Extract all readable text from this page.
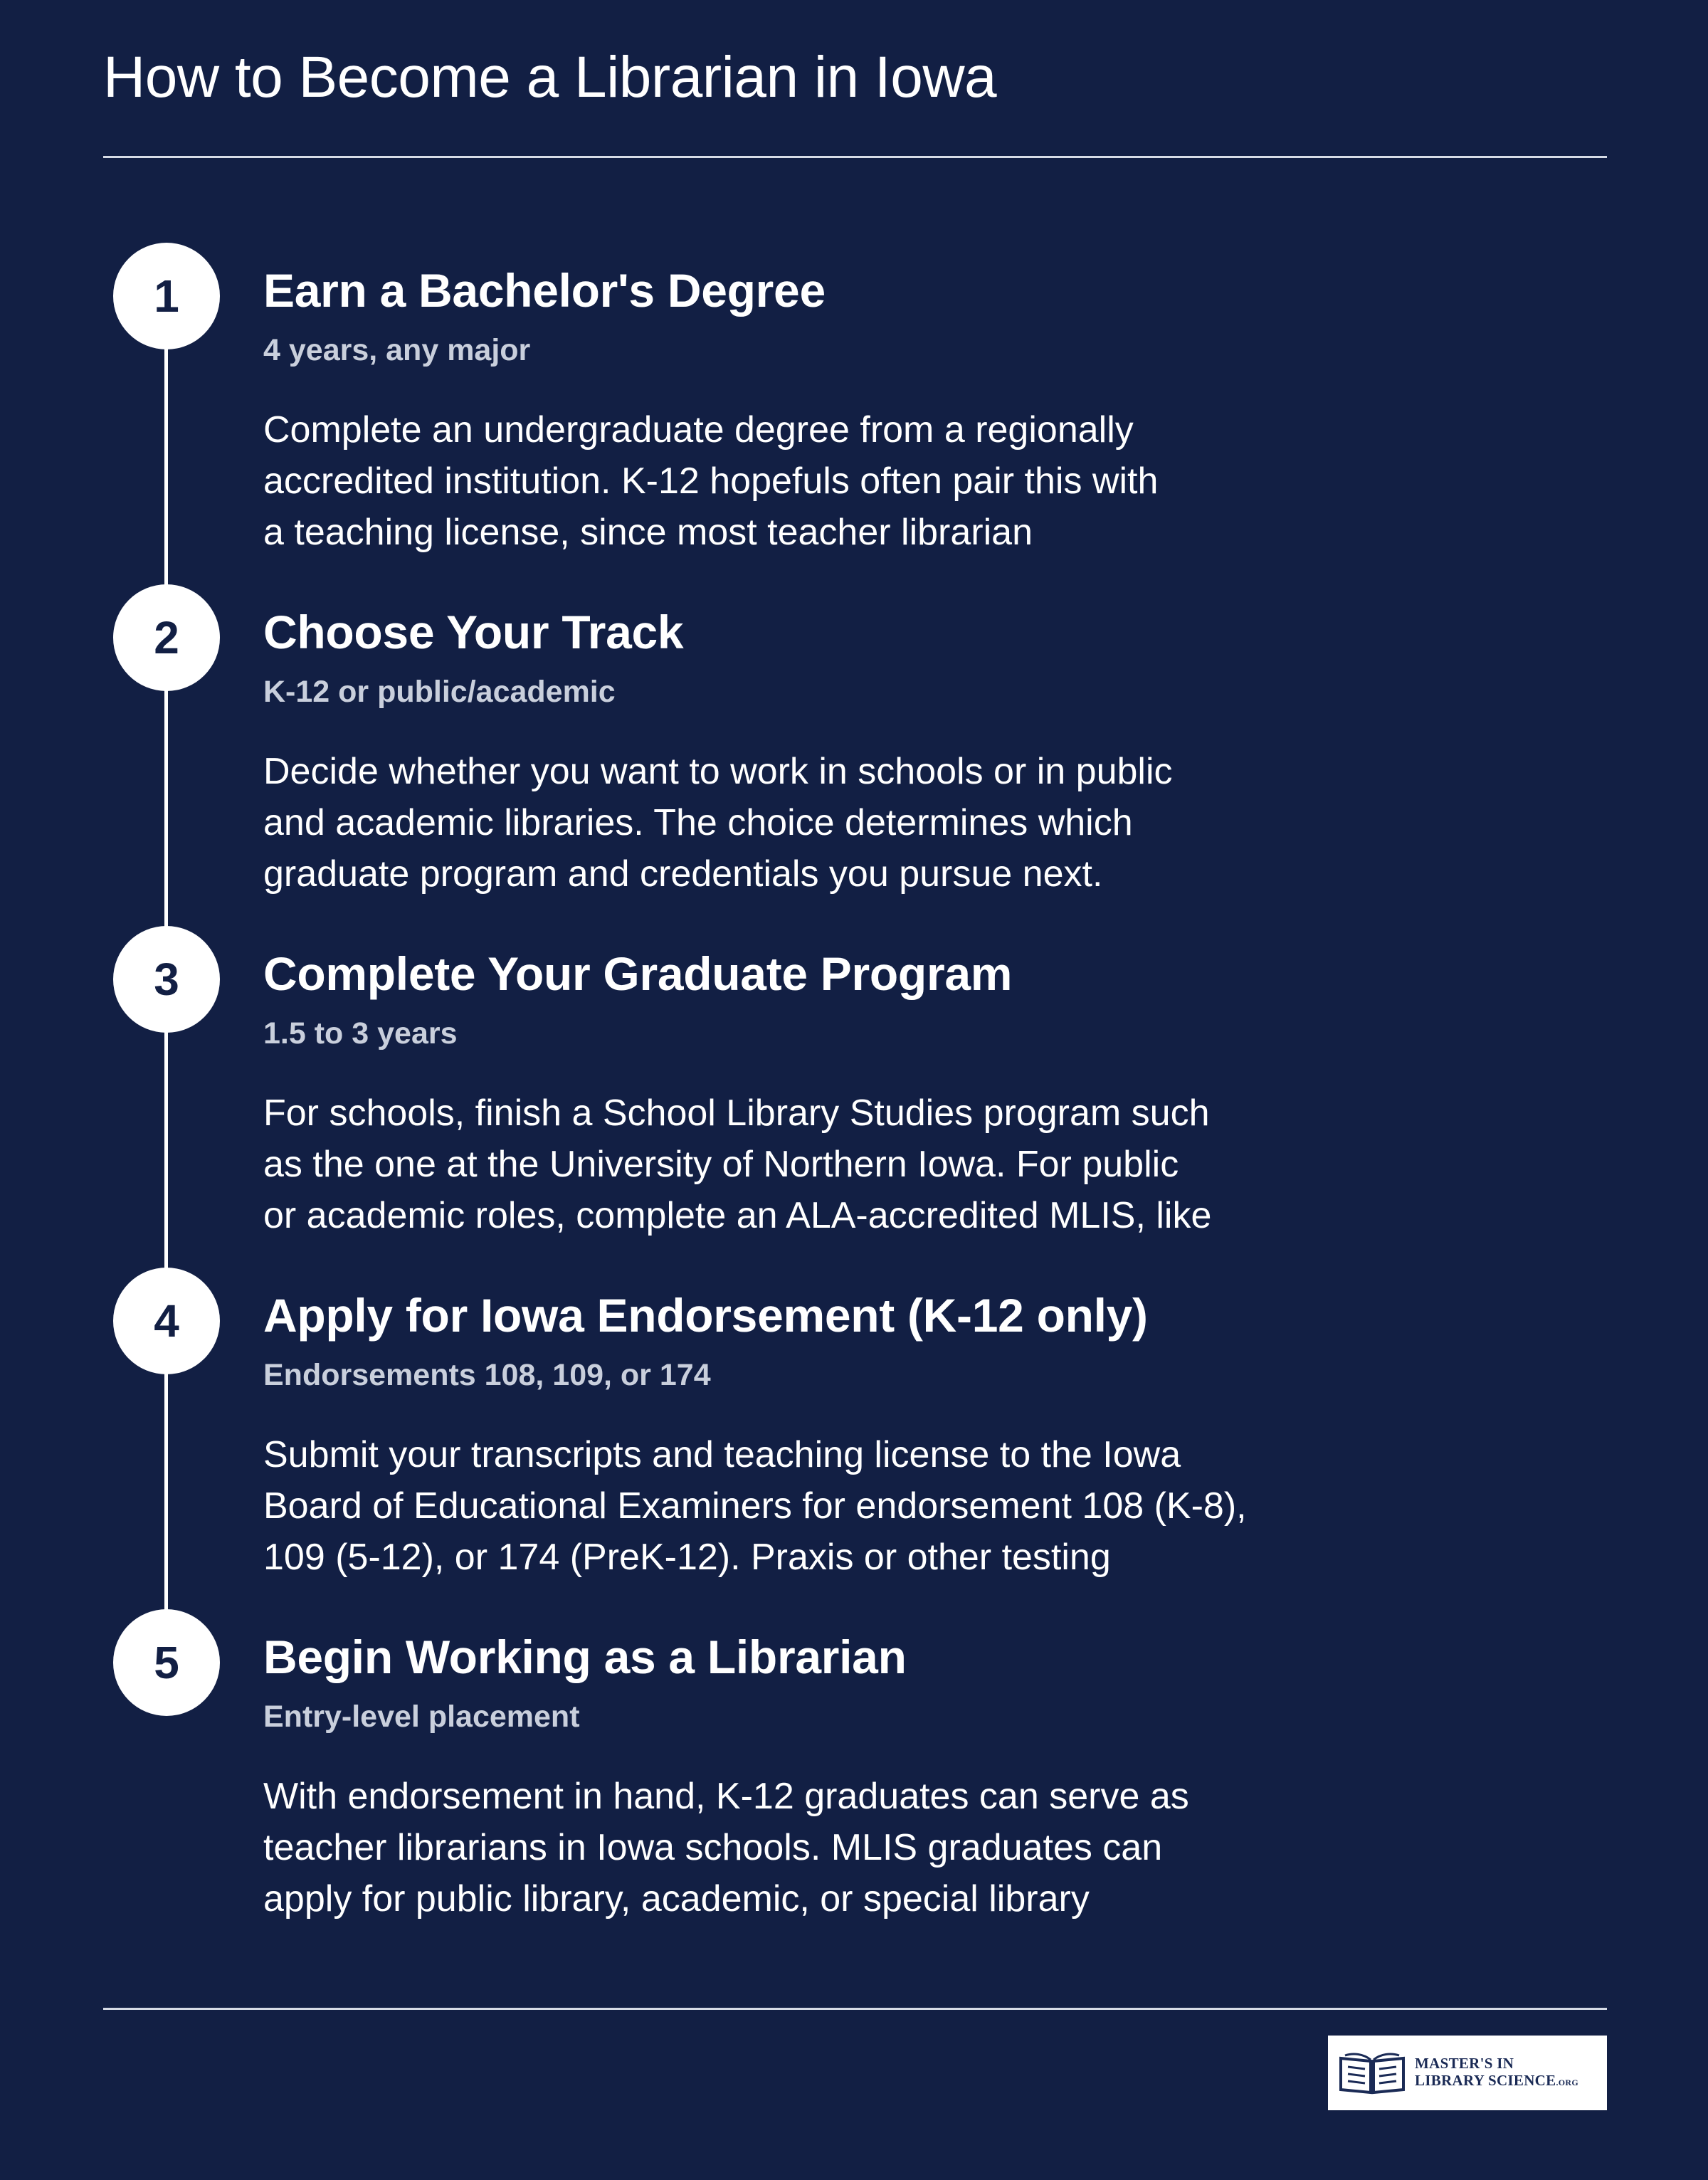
How to Become a Librarian in Iowa
1	Earn a Bachelor's Degree

4 years, any major

Complete an undergraduate degree from a regionally
accredited institution. K-12 hopefuls often pair this with
a teaching license, since most teacher librarian

2	Choose Your Track

K-12 or public/academic

Decide whether you want to work in schools or in public
and academic libraries. The choice determines which
graduate program and credentials you pursue next.

3	Complete Your Graduate Program

1.5 to 3 years

For schools, finish a School Library Studies program such
as the one at the University of Northern Iowa. For public
or academic roles, complete an ALA-accredited MLIS, like

4	Apply for Iowa Endorsement (K-12 only)

Endorsements 108, 109, or 174

Submit your transcripts and teaching license to the Iowa
Board of Educational Examiners for endorsement 108 (K-8),
109 (5-12), or 174 (PreK-12). Praxis or other testing

5	Begin Working as a Librarian

Entry-level placement

With endorsement in hand, K-12 graduates can serve as
teacher librarians in Iowa schools. MLIS graduates can
apply for public library, academic, or special library

MASTER'S IN
LIBRARY SCIENCE.ORG
